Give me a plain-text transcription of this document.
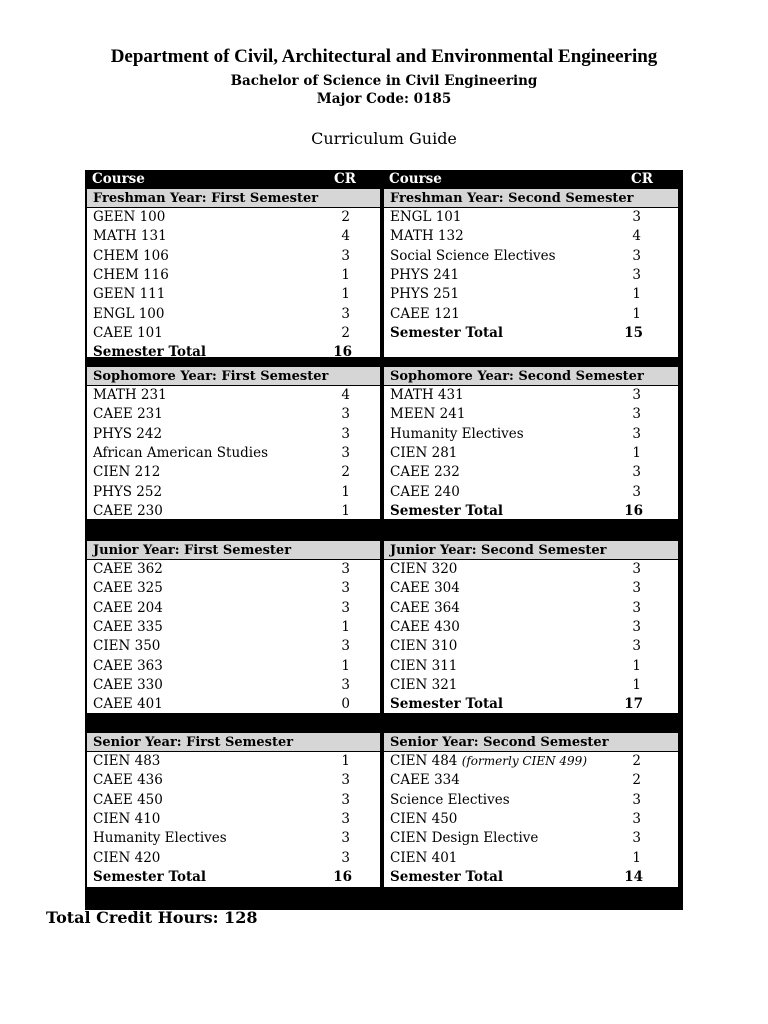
Department of Civil, Architectural and Environmental Engineering
Bachelor of Science in Civil Engineering
Major Code: 0185
Curriculum Guide
Course	CR Course	CR
Freshman Year: First Semester
GEEN 100	2
MATH 131	4
CHEM 106	3
CHEM 116	1
GEEN 111	1
ENGL 100	3
CAEE 101	2
Semester Total	16
Freshman Year: Second Semester
ENGL 101	3
MATH 132	4
Social Science Electives	3
PHYS 241	3
PHYS 251	1
CAEE 121	1
Semester Total	15
Sophomore Year: First Semester
MATH 231	4
CAEE 231	3
PHYS 242	3
African American Studies	3
CIEN 212	2
PHYS 252	1
CAEE 230	1
Semester Total	17
Sophomore Year: Second Semester
MATH 431	3
MEEN 241	3
Humanity Electives	3
CIEN 281	1
CAEE 232	3
CAEE 240	3
Semester Total	16
Junior Year: First Semester
CAEE 362	3
CAEE 325	3
CAEE 204	3
CAEE 335	1
CIEN 350	3
CAEE 363	1
CAEE 330	3
CAEE 401	0
Semester Total	17
Junior Year: Second Semester
CIEN 320	3
CAEE 304	3
CAEE 364	3
CAEE 430	3
CIEN 310	3
CIEN 311	1
CIEN 321	1
Semester Total	17
Senior Year: First Semester
CIEN 483	1
CAEE 436	3
CAEE 450	3
CIEN 410	3
Humanity Electives	3
CIEN 420	3
Semester Total	16
Senior Year: Second Semester
CIEN 484 (formerly CIEN 499)	2
CAEE 334	2
Science Electives	3
CIEN 450	3
CIEN Design Elective	3
CIEN 401	1
Semester Total	14
Total Credit Hours: 128
